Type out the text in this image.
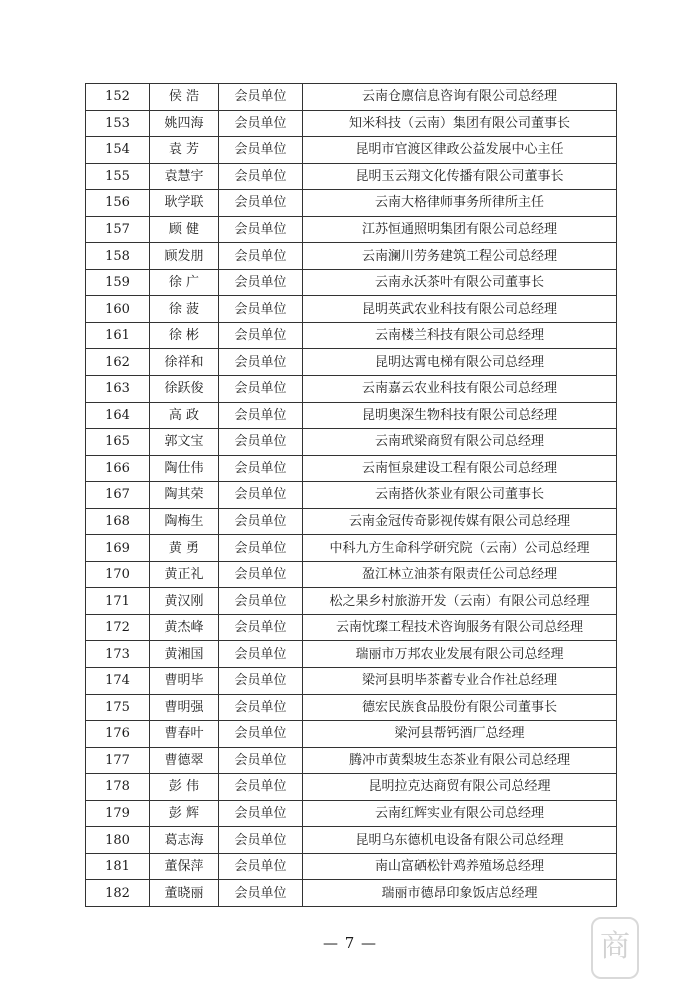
152	侯 浩	会员单位	云南仓廪信息咨询有限公司总经理
153	姚四海	会员单位	知米科技（云南）集团有限公司董事长
154	袁 芳	会员单位	昆明市官渡区律政公益发展中心主任
155	袁慧宇	会员单位	昆明玉云翔文化传播有限公司董事长
156	耿学联	会员单位	云南大格律师事务所律所主任
157	顾 健	会员单位	江苏恒通照明集团有限公司总经理
158	顾发朋	会员单位	云南澜川劳务建筑工程公司总经理
159	徐 广	会员单位	云南永沃茶叶有限公司董事长
160	徐 菠	会员单位	昆明英武农业科技有限公司总经理
161	徐 彬	会员单位	云南楼兰科技有限公司总经理
162	徐祥和	会员单位	昆明达霄电梯有限公司总经理
163	徐跃俊	会员单位	云南嘉云农业科技有限公司总经理
164	高 政	会员单位	昆明奥深生物科技有限公司总经理
165	郭文宝	会员单位	云南玳梁商贸有限公司总经理
166	陶仕伟	会员单位	云南恒泉建设工程有限公司总经理
167	陶其荣	会员单位	云南搭伙茶业有限公司董事长
168	陶梅生	会员单位	云南金冠传奇影视传媒有限公司总经理
169	黄 勇	会员单位	中科九方生命科学研究院（云南）公司总经理
170	黄正礼	会员单位	盈江林立油茶有限责任公司总经理
171	黄汉刚	会员单位	松之果乡村旅游开发（云南）有限公司总经理
172	黄杰峰	会员单位	云南忱璨工程技术咨询服务有限公司总经理
173	黄湘国	会员单位	瑞丽市万邦农业发展有限公司总经理
174	曹明毕	会员单位	梁河县明毕茶蓄专业合作社总经理
175	曹明强	会员单位	德宏民族食品股份有限公司董事长
176	曹春叶	会员单位	梁河县帮钙酒厂总经理
177	曹德翠	会员单位	腾冲市黄梨坡生态茶业有限公司总经理
178	彭 伟	会员单位	昆明拉克达商贸有限公司总经理
179	彭 辉	会员单位	云南红辉实业有限公司总经理
180	葛志海	会员单位	昆明乌东德机电设备有限公司总经理
181	董保萍	会员单位	南山富硒松针鸡养殖场总经理
182	董晓丽	会员单位	瑞丽市德昂印象饭店总经理
— 7 —	商
